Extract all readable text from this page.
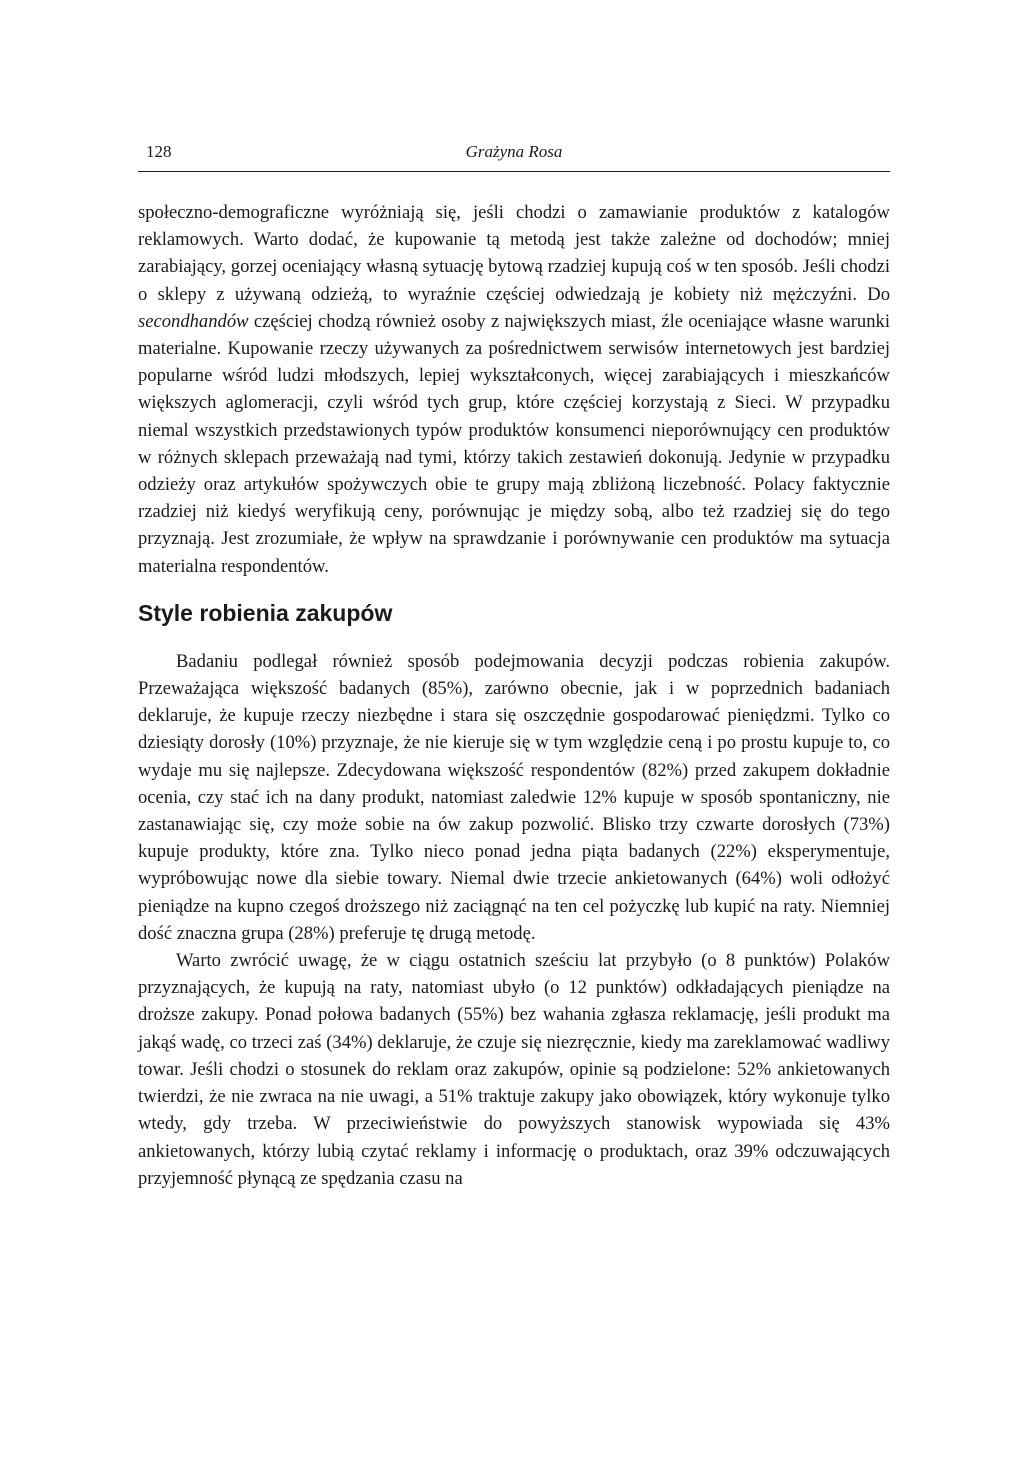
128	Grażyna Rosa

społeczno-demograficzne wyróżniają się, jeśli chodzi o zamawianie produktów z katalogów reklamowych. Warto dodać, że kupowanie tą metodą jest także zależne od dochodów; mniej zarabiający, gorzej oceniający własną sytuację bytową rzadziej kupują coś w ten sposób. Jeśli chodzi o sklepy z używaną odzieżą, to wyraźnie częściej odwiedzają je kobiety niż mężczyźni. Do secondhandów częściej chodzą również osoby z największych miast, źle oceniające własne warunki materialne. Kupowanie rzeczy używanych za pośrednictwem serwisów internetowych jest bardziej popularne wśród ludzi młodszych, lepiej wykształconych, więcej zarabiających i mieszkańców większych aglomeracji, czyli wśród tych grup, które częściej korzystają z Sieci. W przypadku niemal wszystkich przedstawionych typów produktów konsumenci nieporównujący cen produktów w różnych sklepach przeważają nad tymi, którzy takich zestawień dokonują. Jedynie w przypadku odzieży oraz artykułów spożywczych obie te grupy mają zbliżoną liczebność. Polacy faktycznie rzadziej niż kiedyś weryfikują ceny, porównując je między sobą, albo też rzadziej się do tego przyznają. Jest zrozumiałe, że wpływ na sprawdzanie i porównywanie cen produktów ma sytuacja materialna respondentów.

Style robienia zakupów

Badaniu podlegał również sposób podejmowania decyzji podczas robienia zakupów. Przeważająca większość badanych (85%), zarówno obecnie, jak i w poprzednich badaniach deklaruje, że kupuje rzeczy niezbędne i stara się oszczędnie gospodarować pieniędzmi. Tylko co dziesiąty dorosły (10%) przyznaje, że nie kieruje się w tym względzie ceną i po prostu kupuje to, co wydaje mu się najlepsze. Zdecydowana większość respondentów (82%) przed zakupem dokładnie ocenia, czy stać ich na dany produkt, natomiast zaledwie 12% kupuje w sposób spontaniczny, nie zastanawiając się, czy może sobie na ów zakup pozwolić. Blisko trzy czwarte dorosłych (73%) kupuje produkty, które zna. Tylko nieco ponad jedna piąta badanych (22%) eksperymentuje, wypróbowując nowe dla siebie towary. Niemal dwie trzecie ankietowanych (64%) woli odłożyć pieniądze na kupno czegoś droższego niż zaciągnąć na ten cel pożyczkę lub kupić na raty. Niemniej dość znaczna grupa (28%) preferuje tę drugą metodę.

Warto zwrócić uwagę, że w ciągu ostatnich sześciu lat przybyło (o 8 punktów) Polaków przyznających, że kupują na raty, natomiast ubyło (o 12 punktów) odkładających pieniądze na droższe zakupy. Ponad połowa badanych (55%) bez wahania zgłasza reklamację, jeśli produkt ma jakąś wadę, co trzeci zaś (34%) deklaruje, że czuje się niezręcznie, kiedy ma zareklamować wadliwy towar. Jeśli chodzi o stosunek do reklam oraz zakupów, opinie są podzielone: 52% ankietowanych twierdzi, że nie zwraca na nie uwagi, a 51% traktuje zakupy jako obowiązek, który wykonuje tylko wtedy, gdy trzeba. W przeciwieństwie do powyższych stanowisk wypowiada się 43% ankietowanych, którzy lubią czytać reklamy i informację o produktach, oraz 39% odczuwających przyjemność płynącą ze spędzania czasu na
